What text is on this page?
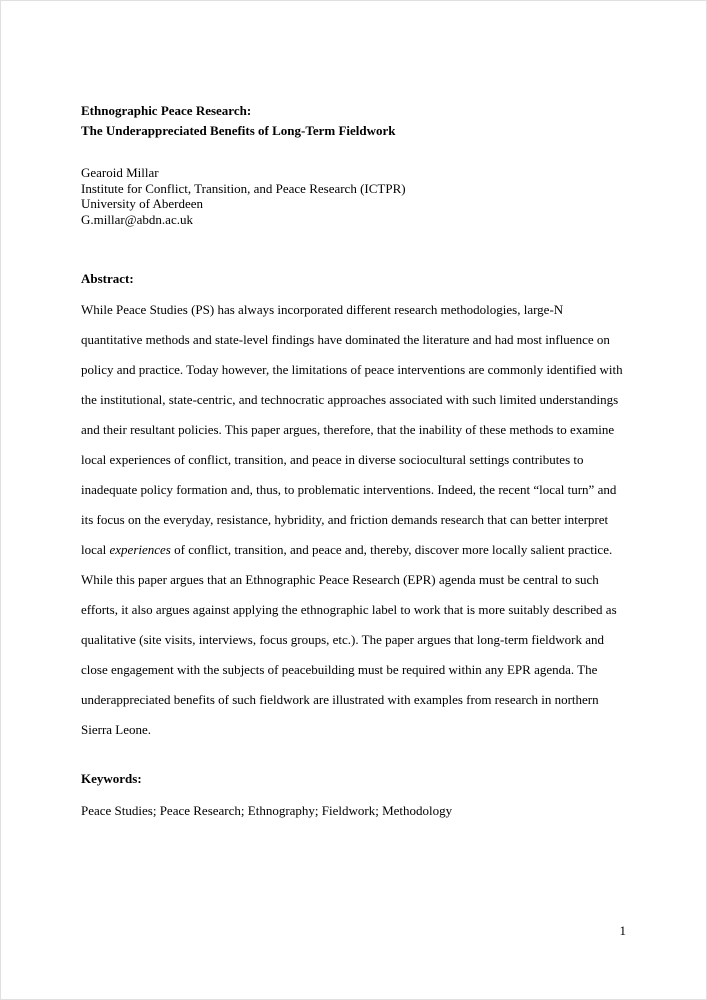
Ethnographic Peace Research:
The Underappreciated Benefits of Long-Term Fieldwork
Gearoid Millar
Institute for Conflict, Transition, and Peace Research (ICTPR)
University of Aberdeen
G.millar@abdn.ac.uk
Abstract:

While Peace Studies (PS) has always incorporated different research methodologies, large-N quantitative methods and state-level findings have dominated the literature and had most influence on policy and practice. Today however, the limitations of peace interventions are commonly identified with the institutional, state-centric, and technocratic approaches associated with such limited understandings and their resultant policies. This paper argues, therefore, that the inability of these methods to examine local experiences of conflict, transition, and peace in diverse sociocultural settings contributes to inadequate policy formation and, thus, to problematic interventions. Indeed, the recent “local turn” and its focus on the everyday, resistance, hybridity, and friction demands research that can better interpret local experiences of conflict, transition, and peace and, thereby, discover more locally salient practice. While this paper argues that an Ethnographic Peace Research (EPR) agenda must be central to such efforts, it also argues against applying the ethnographic label to work that is more suitably described as qualitative (site visits, interviews, focus groups, etc.). The paper argues that long-term fieldwork and close engagement with the subjects of peacebuilding must be required within any EPR agenda. The underappreciated benefits of such fieldwork are illustrated with examples from research in northern Sierra Leone.

Keywords:
Peace Studies; Peace Research; Ethnography; Fieldwork; Methodology
1
